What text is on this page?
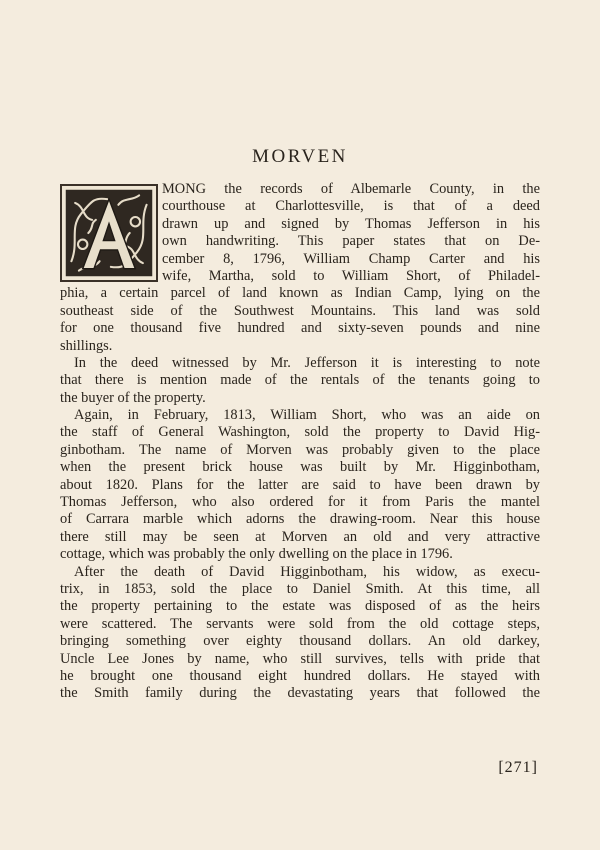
MORVEN
MONG the records of Albemarle County, in the
courthouse at Charlottesville, is that of a deed
drawn up and signed by Thomas Jefferson in his
own handwriting. This paper states that on De-
cember 8, 1796, William Champ Carter and his
wife, Martha, sold to William Short, of Philadel-
phia, a certain parcel of land known as Indian Camp, lying on the
southeast side of the Southwest Mountains. This land was sold
for one thousand five hundred and sixty-seven pounds and nine
shillings.
In the deed witnessed by Mr. Jefferson it is interesting to note
that there is mention made of the rentals of the tenants going to
the buyer of the property.
Again, in February, 1813, William Short, who was an aide on
the staff of General Washington, sold the property to David Hig-
ginbotham. The name of Morven was probably given to the place
when the present brick house was built by Mr. Higginbotham,
about 1820. Plans for the latter are said to have been drawn by
Thomas Jefferson, who also ordered for it from Paris the mantel
of Carrara marble which adorns the drawing-room. Near this house
there still may be seen at Morven an old and very attractive
cottage, which was probably the only dwelling on the place in 1796.
After the death of David Higginbotham, his widow, as execu-
trix, in 1853, sold the place to Daniel Smith. At this time, all
the property pertaining to the estate was disposed of as the heirs
were scattered. The servants were sold from the old cottage steps,
bringing something over eighty thousand dollars. An old darkey,
Uncle Lee Jones by name, who still survives, tells with pride that
he brought one thousand eight hundred dollars. He stayed with
the Smith family during the devastating years that followed the
[271]
